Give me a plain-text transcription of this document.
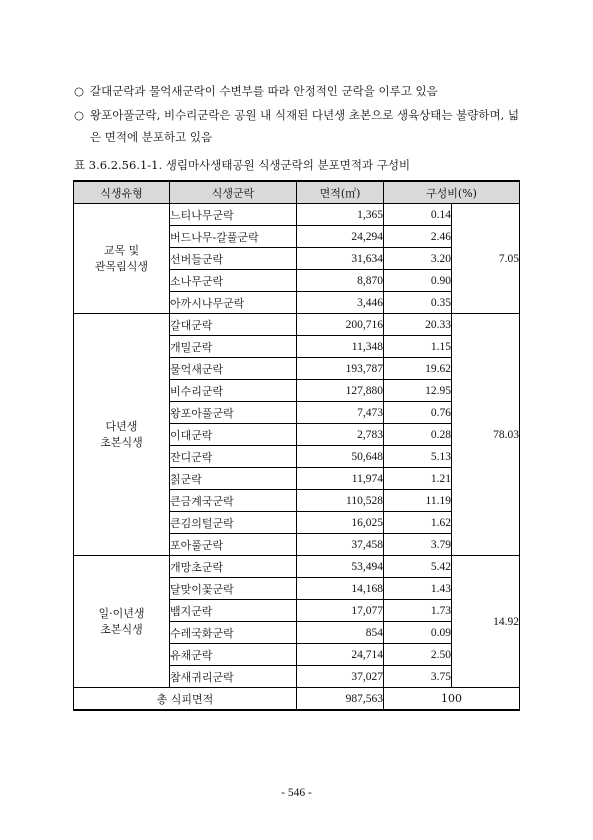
○ 갈대군락과 물억새군락이 수변부를 따라 안정적인 군락을 이루고 있음
○ 왕포아풀군락, 비수리군락은 공원 내 식재된 다년생 초본으로 생육상태는 불량하며, 넓은 면적에 분포하고 있음
표 3.6.2.56.1-1. 생림마사생태공원 식생군락의 분포면적과 구성비
식생유형	식생군락	면적(㎡)	구성비(%)	

교목 및
관목림식생	느티나무군락	1,365	0.14	7.05
	버드나무-갈풀군락	24,294	2.46	
	선버들군락	31,634	3.20	
	소나무군락	8,870	0.90	
	아까시나무군락	3,446	0.35	

다년생
초본식생	갈대군락	200,716	20.33	78.03
	개밀군락	11,348	1.15	
	물억새군락	193,787	19.62	
	비수리군락	127,880	12.95	
	왕포아풀군락	7,473	0.76	
	이대군락	2,783	0.28	
	잔디군락	50,648	5.13	
	칡군락	11,974	1.21	
	큰금계국군락	110,528	11.19	
	큰김의털군락	16,025	1.62	
	포아풀군락	37,458	3.79	

일·이년생
초본식생	개망초군락	53,494	5.42	14.92
	달맞이꽃군락	14,168	1.43	
	뱀지군락	17,077	1.73	
	수레국화군락	854	0.09	
	유채군락	24,714	2.50	
	참새귀리군락	37,027	3.75	
총 식피면적		987,563	100	
- 546 -
